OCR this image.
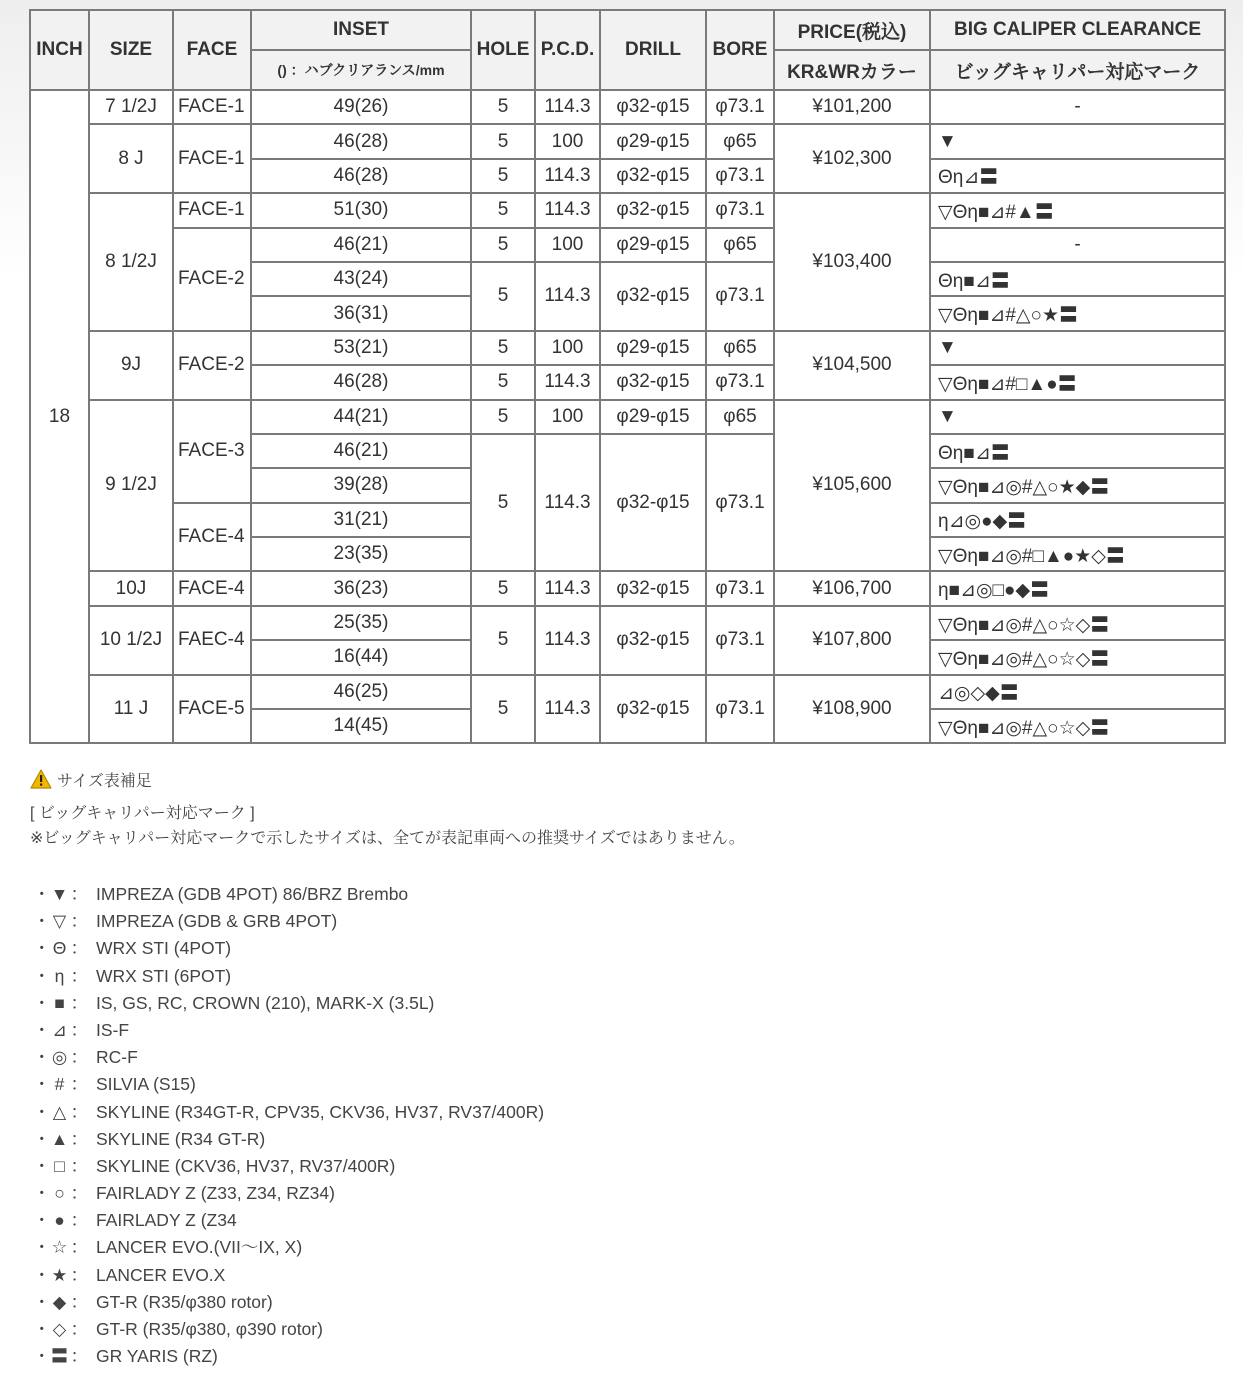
INCH	SIZE	FACE	INSET	HOLE	P.C.D.	DRILL	BORE	PRICE(税込)	BIG CALIPER CLEARANCE
			() ：ハブクリアランス/mm					KR&WRカラー	ビッグキャリパー対応マーク
18	7 1/2J	FACE-1	49(26)	5	114.3	φ32-φ15	φ73.1	¥101,200	-
	8 J	FACE-1	46(28)	5	100	φ29-φ15	φ65	¥102,300	▼
			46(28)	5	114.3	φ32-φ15	φ73.1		Θη⊿〓
	8 1/2J	FACE-1	51(30)	5	114.3	φ32-φ15	φ73.1	¥103,400	▽Θη■⊿#▲〓
		FACE-2	46(21)	5	100	φ29-φ15	φ65		-
			43(24)	5	114.3	φ32-φ15	φ73.1		Θη■⊿〓
			36(31)						▽Θη■⊿#△○★〓
	9J	FACE-2	53(21)	5	100	φ29-φ15	φ65	¥104,500	▼
			46(28)	5	114.3	φ32-φ15	φ73.1		▽Θη■⊿#□▲●〓
	9 1/2J	FACE-3	44(21)	5	100	φ29-φ15	φ65	¥105,600	▼
			46(21)	5	114.3	φ32-φ15	φ73.1		Θη■⊿〓
			39(28)						▽Θη■⊿◎#△○★◆〓
		FACE-4	31(21)						η⊿◎●◆〓
			23(35)						▽Θη■⊿◎#□▲●★◇〓
	10J	FACE-4	36(23)	5	114.3	φ32-φ15	φ73.1	¥106,700	η■⊿◎□●◆〓
	10 1/2J	FAEC-4	25(35)	5	114.3	φ32-φ15	φ73.1	¥107,800	▽Θη■⊿◎#△○☆◇〓
			16(44)						▽Θη■⊿◎#△○☆◇〓
	11 J	FACE-5	46(25)	5	114.3	φ32-φ15	φ73.1	¥108,900	⊿◎◇◆〓
			14(45)						▽Θη■⊿◎#△○☆◇〓
サイズ表補足
[ ビッグキャリパー対応マーク ]
※ビッグキャリパー対応マークで示したサイズは、全てが表記車両への推奨サイズではありません。
・▼ ： IMPREZA (GDB 4POT) 86/BRZ Brembo
・ ▽ ： IMPREZA (GDB & GRB 4POT)
・ Θ ： WRX STI (4POT)
・ η ： WRX STI (6POT)
・ ■ ： IS, GS, RC, CROWN (210), MARK-X (3.5L)
・⊿ ： IS-F
・◎ ： RC-F
・ # ： SILVIA (S15)
・ △ ： SKYLINE (R34GT-R, CPV35, CKV36, HV37, RV37/400R)
・▲ ： SKYLINE (R34 GT-R)
・ □ ： SKYLINE (CKV36, HV37, RV37/400R)
・ ○ ： FAIRLADY Z (Z33, Z34, RZ34)
・ ● ： FAIRLADY Z (Z34
・☆ ： LANCER EVO.(VII〜IX, X)
・★ ： LANCER EVO.X
・ ◆ ： GT-R (R35/φ380 rotor)
・ ◇ ： GT-R (R35/φ380, φ390 rotor)
・〓 ： GR YARIS (RZ)
